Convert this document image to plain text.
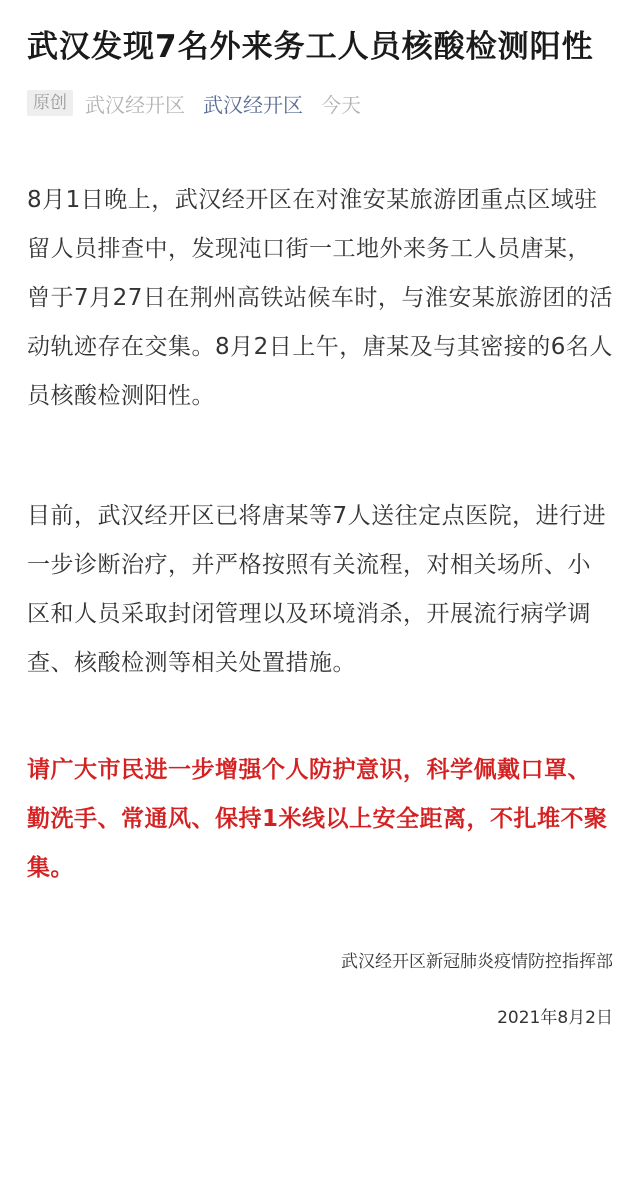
武汉发现7名外来务工人员核酸检测阳性
原创 武汉经开区 武汉经开区 今天

8月1日晚上，武汉经开区在对淮安某旅游团重点区域驻留人员排查中，发现沌口街一工地外来务工人员唐某，曾于7月27日在荆州高铁站候车时，与淮安某旅游团的活动轨迹存在交集。8月2日上午，唐某及与其密接的6名人员核酸检测阳性。

目前，武汉经开区已将唐某等7人送往定点医院，进行进一步诊断治疗，并严格按照有关流程，对相关场所、小区和人员采取封闭管理以及环境消杀，开展流行病学调查、核酸检测等相关处置措施。

请广大市民进一步增强个人防护意识，科学佩戴口罩、勤洗手、常通风、保持1米线以上安全距离，不扎堆不聚集。

武汉经开区新冠肺炎疫情防控指挥部

2021年8月2日
